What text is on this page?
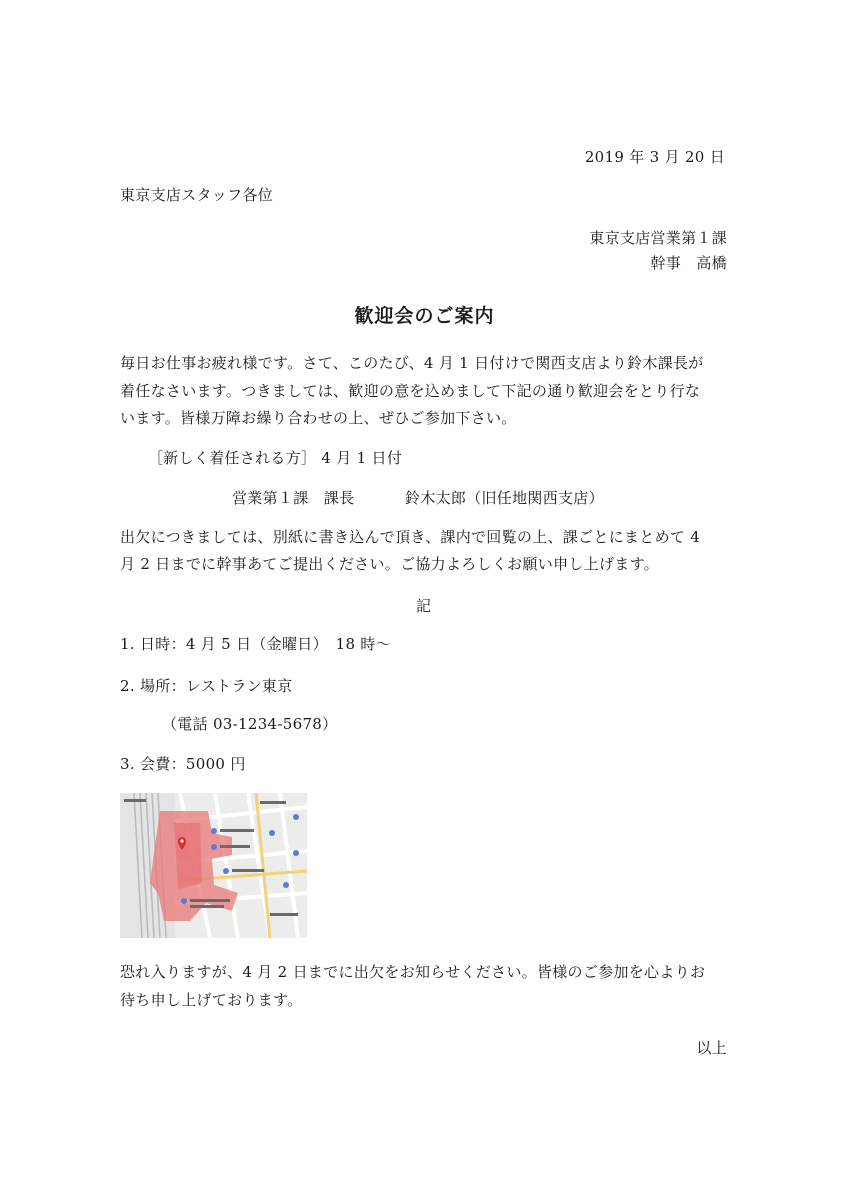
2019 年 3 月 20 日
東京支店スタッフ各位
東京支店営業第１課
幹事　高橋
歓迎会のご案内
毎日お仕事お疲れ様です。さて、このたび、4 月 1 日付けで関西支店より鈴木課長が
着任なさいます。つきましては、歓迎の意を込めまして下記の通り歓迎会をとり行な
います。皆様万障お繰り合わせの上、ぜひご参加下さい。
［新しく着任される方］ 4 月 1 日付
営業第１課　課長	鈴木太郎（旧任地関西支店）
出欠につきましては、別紙に書き込んで頂き、課内で回覧の上、課ごとにまとめて 4
月 2 日までに幹事あてご提出ください。ご協力よろしくお願い申し上げます。
記
1. 日時：4 月 5 日（金曜日）　18 時〜
2. 場所：レストラン東京
（電話 03-1234-5678）
3. 会費：5000 円
恐れ入りますが、4 月 2 日までに出欠をお知らせください。皆様のご参加を心よりお
待ち申し上げております。
以上
